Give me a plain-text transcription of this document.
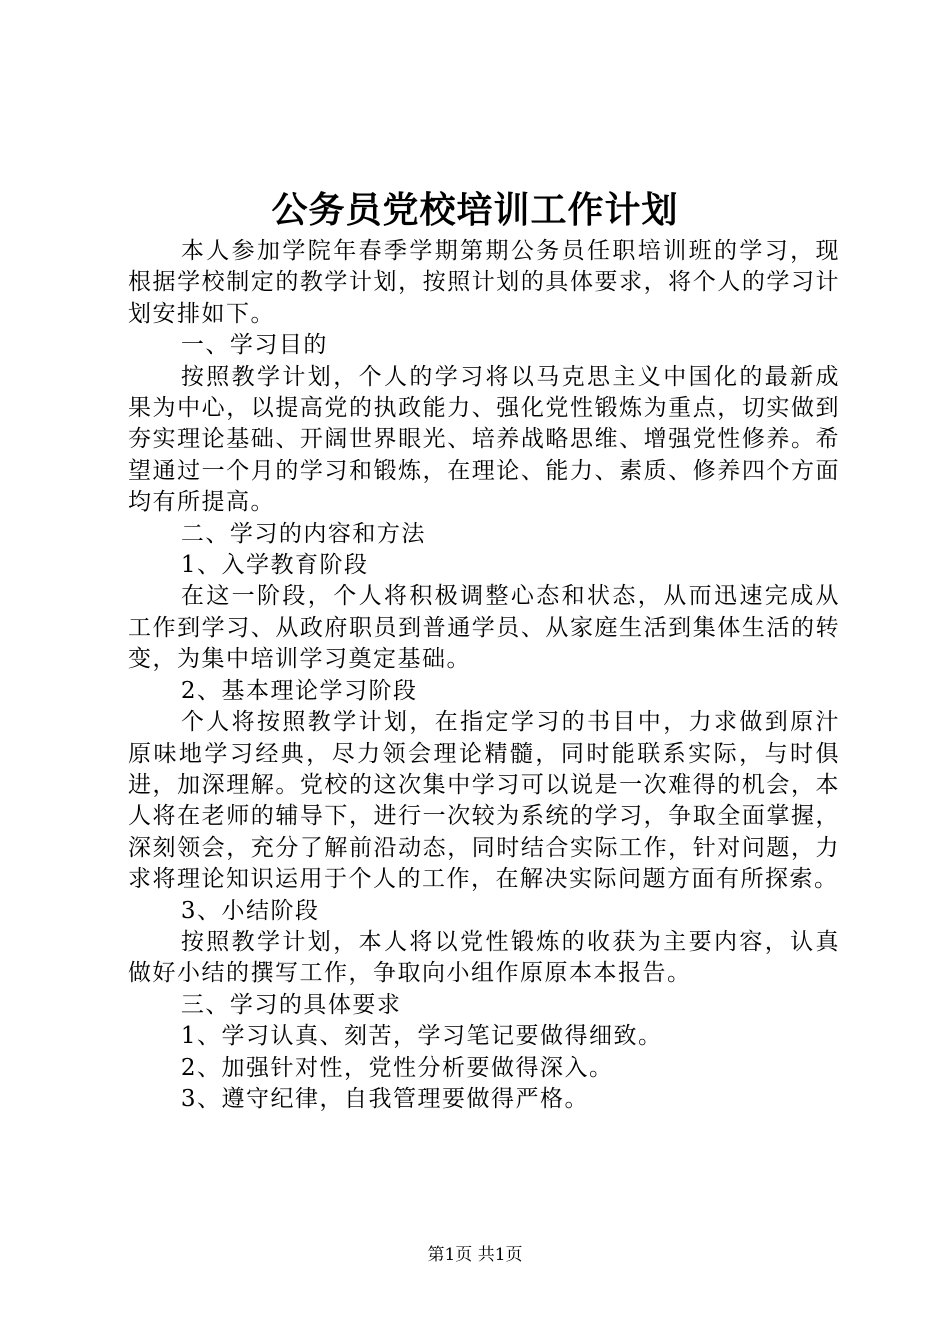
公务员党校培训工作计划

本人参加学院年春季学期第期公务员任职培训班的学习，现根据学校制定的教学计划，按照计划的具体要求，将个人的学习计划安排如下。

一、学习目的

按照教学计划，个人的学习将以马克思主义中国化的最新成果为中心，以提高党的执政能力、强化党性锻炼为重点，切实做到夯实理论基础、开阔世界眼光、培养战略思维、增强党性修养。希望通过一个月的学习和锻炼，在理论、能力、素质、修养四个方面均有所提高。

二、学习的内容和方法

1、入学教育阶段

在这一阶段，个人将积极调整心态和状态，从而迅速完成从工作到学习、从政府职员到普通学员、从家庭生活到集体生活的转变，为集中培训学习奠定基础。

2、基本理论学习阶段

个人将按照教学计划，在指定学习的书目中，力求做到原汁原味地学习经典，尽力领会理论精髓，同时能联系实际，与时俱进，加深理解。党校的这次集中学习可以说是一次难得的机会，本人将在老师的辅导下，进行一次较为系统的学习，争取全面掌握，深刻领会，充分了解前沿动态，同时结合实际工作，针对问题，力求将理论知识运用于个人的工作，在解决实际问题方面有所探索。

3、小结阶段

按照教学计划，本人将以党性锻炼的收获为主要内容，认真做好小结的撰写工作，争取向小组作原原本本报告。

三、学习的具体要求

1、学习认真、刻苦，学习笔记要做得细致。

2、加强针对性，党性分析要做得深入。

3、遵守纪律，自我管理要做得严格。

第1页 共1页
